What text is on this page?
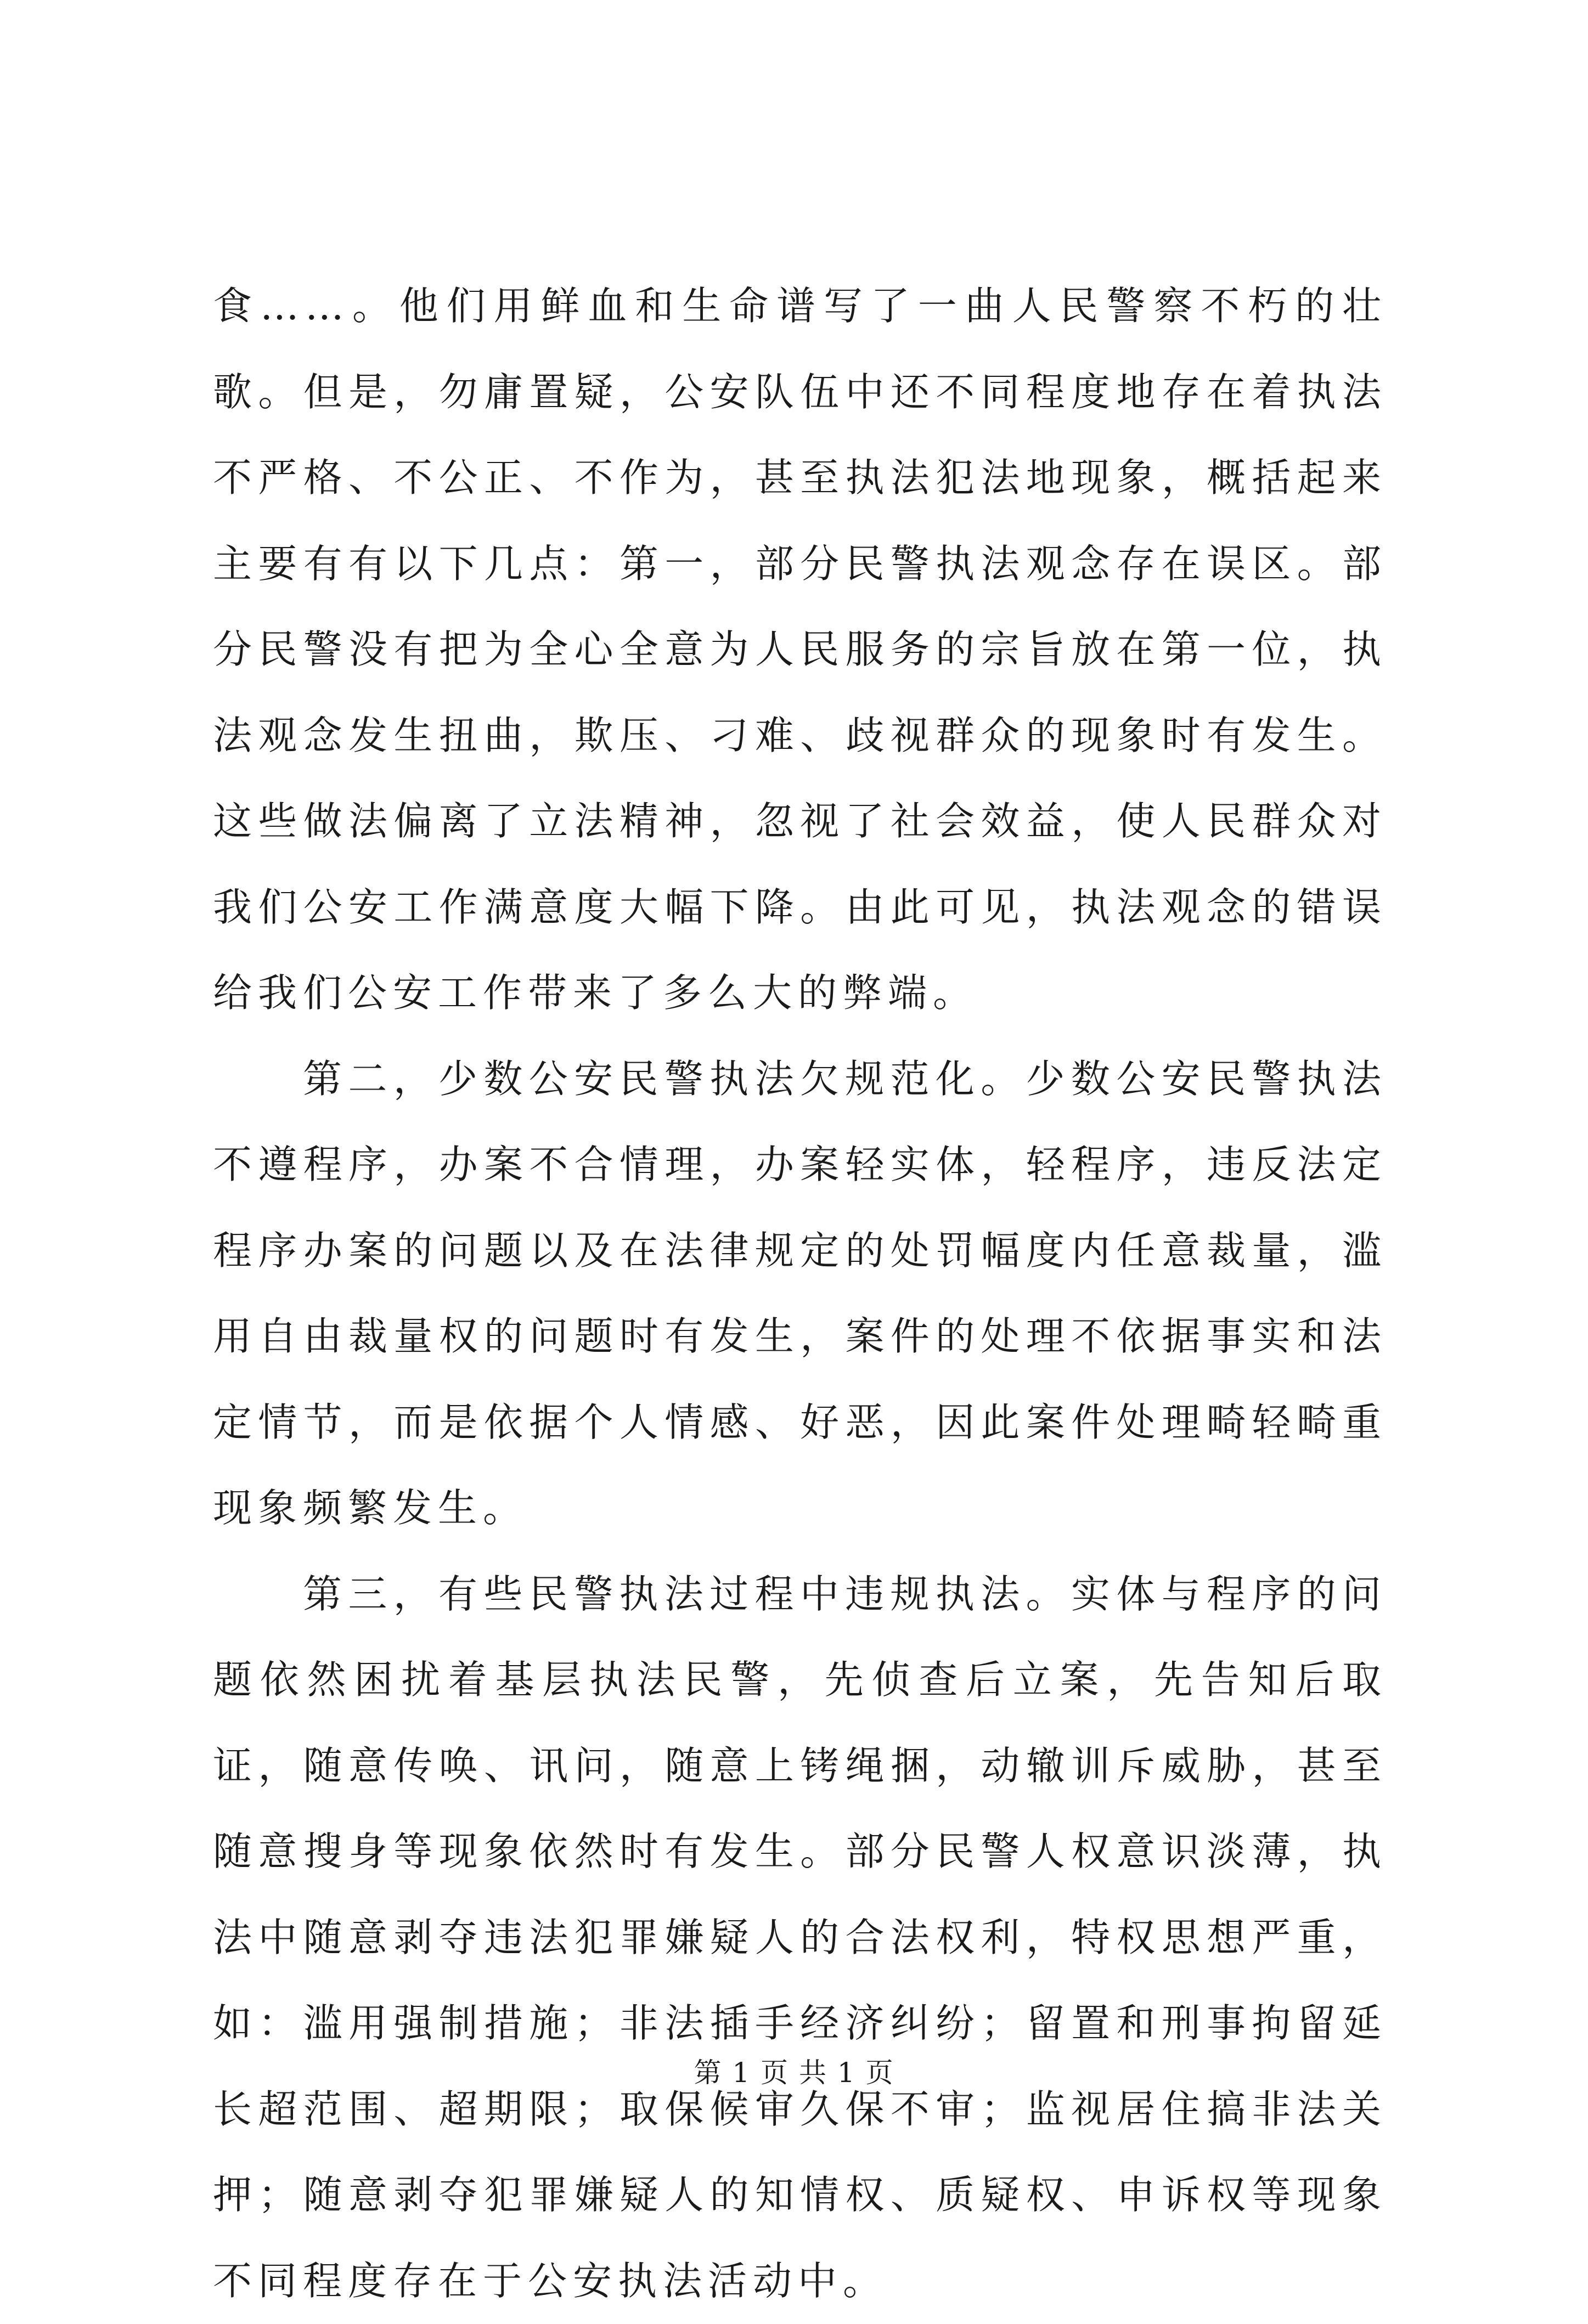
食……。他们用鲜血和生命谱写了一曲人民警察不朽的壮歌。但是，勿庸置疑，公安队伍中还不同程度地存在着执法不严格、不公正、不作为，甚至执法犯法地现象，概括起来主要有有以下几点：第一，部分民警执法观念存在误区。部分民警没有把为全心全意为人民服务的宗旨放在第一位，执法观念发生扭曲，欺压、刁难、歧视群众的现象时有发生。这些做法偏离了立法精神，忽视了社会效益，使人民群众对我们公安工作满意度大幅下降。由此可见，执法观念的错误给我们公安工作带来了多么大的弊端。

第二，少数公安民警执法欠规范化。少数公安民警执法不遵程序，办案不合情理，办案轻实体，轻程序，违反法定程序办案的问题以及在法律规定的处罚幅度内任意裁量，滥用自由裁量权的问题时有发生，案件的处理不依据事实和法定情节，而是依据个人情感、好恶，因此案件处理畸轻畸重现象频繁发生。

第三，有些民警执法过程中违规执法。实体与程序的问题依然困扰着基层执法民警，先侦查后立案，先告知后取证，随意传唤、讯问，随意上铐绳捆，动辙训斥威胁，甚至随意搜身等现象依然时有发生。部分民警人权意识淡薄，执法中随意剥夺违法犯罪嫌疑人的合法权利，特权思想严重，如：滥用强制措施；非法插手经济纠纷；留置和刑事拘留延长超范围、超期限；取保候审久保不审；监视居住搞非法关押；随意剥夺犯罪嫌疑人的知情权、质疑权、申诉权等现象不同程度存在于公安执法活动中。

第 1 页 共 1 页
